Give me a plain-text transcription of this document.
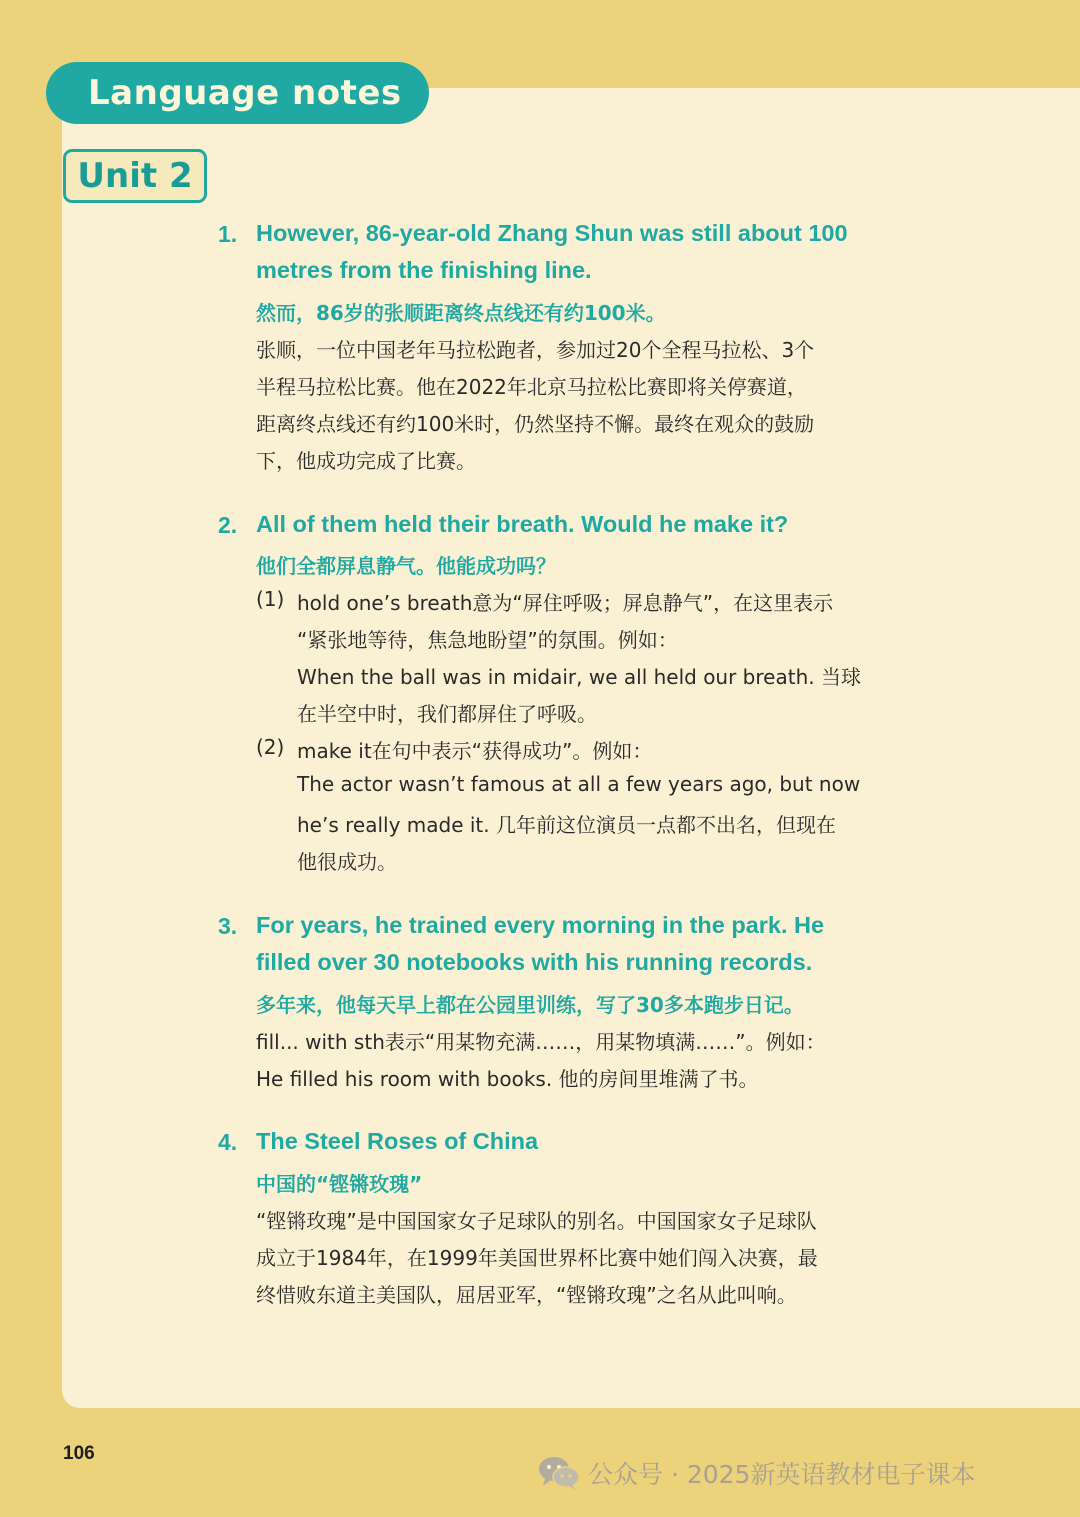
Language notes
Unit 2
1. However, 86-year-old Zhang Shun was still about 100
metres from the finishing line.
然而，86岁的张顺距离终点线还有约100米。
张顺，一位中国老年马拉松跑者，参加过20个全程马拉松、3个
半程马拉松比赛。他在2022年北京马拉松比赛即将关停赛道，
距离终点线还有约100米时，仍然坚持不懈。最终在观众的鼓励
下，他成功完成了比赛。
2. All of them held their breath. Would he make it?
他们全都屏息静气。他能成功吗？
(1) hold one’s breath意为“屏住呼吸；屏息静气”，在这里表示
“紧张地等待，焦急地盼望”的氛围。例如：
When the ball was in midair, we all held our breath. 当球
在半空中时，我们都屏住了呼吸。
(2) make it在句中表示“获得成功”。例如：
The actor wasn’t famous at all a few years ago, but now
he’s really made it. 几年前这位演员一点都不出名，但现在
他很成功。
3. For years, he trained every morning in the park. He
filled over 30 notebooks with his running records.
多年来，他每天早上都在公园里训练，写了30多本跑步日记。
fill... with sth表示“用某物充满……，用某物填满……”。例如：
He filled his room with books. 他的房间里堆满了书。
4. The Steel Roses of China
中国的“铿锵玫瑰”
“铿锵玫瑰”是中国国家女子足球队的别名。中国国家女子足球队
成立于1984年，在1999年美国世界杯比赛中她们闯入决赛，最
终惜败东道主美国队，屈居亚军，“铿锵玫瑰”之名从此叫响。
106
公众号 · 2025新英语教材电子课本
